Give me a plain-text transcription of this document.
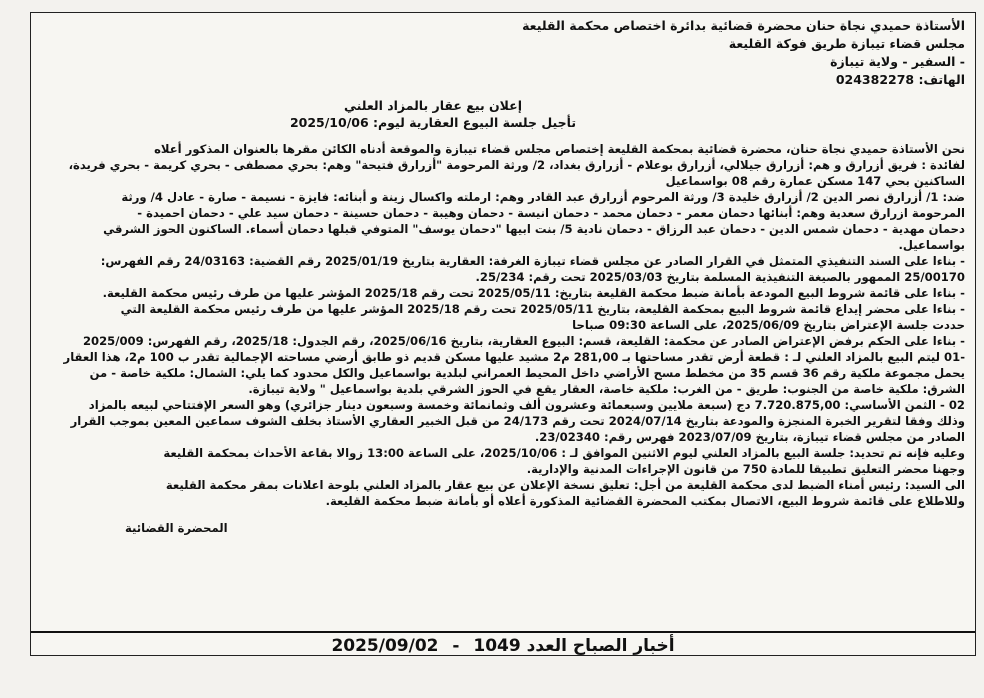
الأستاذة حميدي نجاة حنان محضرة قضائية بدائرة اختصاص محكمة القليعة
مجلس قضاء تيبازة طريق فوكة القليعة
- السفير - ولاية تيبازة
الهاتف: 024382278
إعلان بيع عقار بالمزاد العلني
تأجيل جلسة البيوع العقارية ليوم: 2025/10/06
نحن الأستاذة حميدي نجاة حنان، محضرة قضائية بمحكمة القليعة إختصاص مجلس قضاء تيبازة والموقعة أدناه الكائن مقرها بالعنوان المذكور أعلاه
لفائدة : فريق أزرارق و هم: أزرارق جيلالي، أزرارق بوعلام - أزرارق بغداد، 2/ ورثة المرحومة "أزرارق فتيحة" وهم: بحري مصطفى - بحري كريمة - بحري فريدة،
الساكنين بحي 147 مسكن عمارة رقم 08 بواسماعيل
ضد: 1/ أزرارق نصر الدين 2/ أزرارق خليدة 3/ ورثة المرحوم أزرارق عبد القادر وهم: ارملته واكسال زينة و أبنائه: فايزة - نسيمة - صارة - عادل 4/ ورثة
المرحومة ازرارق سعدية وهم: أبنائها دحمان معمر - دحمان محمد - دحمان انيسة - دحمان وهيبة - دحمان حسينة - دحمان سيد علي - دحمان احميدة -
دحمان مهدية - دحمان شمس الدين - دحمان عبد الرزاق - دحمان نادية 5/ بنت ابيها "دحمان يوسف" المتوفي قبلها دحمان أسماء. الساكنون الحوز الشرقي
بواسماعيل.
- بناءا على السند التنفيذي المتمثل في القرار الصادر عن مجلس قضاء تيبازة الغرفة: العقارية بتاريخ 2025/01/19 رقم القضية: 24/03163 رقم الفهرس:
25/00170 الممهور بالصيغة التنفيذية المسلمة بتاريخ 2025/03/03 تحت رقم: 25/234.
- بناءا على قائمة شروط البيع المودعة بأمانة ضبط محكمة القليعة بتاريخ: 2025/05/11 تحت رقم 2025/18 المؤشر عليها من طرف رئيس محكمة القليعة.
- بناءا على محضر إيداع قائمة شروط البيع بمحكمة القليعة، بتاريخ 2025/05/11 تحت رقم 2025/18 المؤشر عليها من طرف رئيس محكمة القليعة التي
حددت جلسة الإعتراض بتاريخ 2025/06/09، على الساعة 09:30 صباحا
- بناءا على الحكم برفض الإعتراض الصادر عن محكمة: القليعة، قسم: البيوع العقارية، بتاريخ 2025/06/16، رقم الجدول: 2025/18، رقم الفهرس: 2025/009
-01 ليتم البيع بالمزاد العلني لـ : قطعة أرض تقدر مساحتها بـ 281,00 م2 مشيد عليها مسكن قديم ذو طابق أرضي مساحته الإجمالية تقدر ب 100 م2، هذا العقار
يحمل مجموعة ملكية رقم 36 قسم 35 من مخطط مسح الأراضي داخل المحيط العمراني لبلدية بواسماعيل والكل محدود كما يلي: الشمال: ملكية خاصة - من
الشرق: ملكية خاصة من الجنوب: طريق - من الغرب: ملكية خاصة، العقار يقع في الحوز الشرقي بلدية بواسماعيل " ولاية تيبازة.
02 - الثمن الأساسي: 7.720.875,00 دج (سبعة ملايين وسبعمائة وعشرون ألف وثمانمائة وخمسة وسبعون دينار جزائري) وهو السعر الإفتتاحي لبيعه بالمزاد
وذلك وفقا لتقرير الخبرة المنجزة والمودعة بتاريخ 2024/07/14 تحت رقم 24/173 من قبل الخبير العقاري الأستاذ بخلف الشوف سماعين المعين بموجب القرار
الصادر من مجلس قضاء تيبازة، بتاريخ 2023/07/09 فهرس رقم: 23/02340.
وعليه فإنه تم تحديد: جلسة البيع بالمزاد العلني ليوم الاثنين الموافق لـ : 2025/10/06، على الساعة 13:00 زوالا بقاعة الأحداث بمحكمة القليعة
وجهنا محضر التعليق تطبيقا للمادة 750 من قانون الإجراءات المدنية والإدارية.
الى السيد: رئيس أمناء الضبط لدى محكمة القليعة من أجل: تعليق نسخة الإعلان عن بيع عقار بالمزاد العلني بلوحة اعلانات بمقر محكمة القليعة
وللاطلاع على قائمة شروط البيع، الاتصال بمكتب المحضرة القضائية المذكورة أعلاه أو بأمانة ضبط محكمة القليعة.
المحضرة القضائية
أخبار الصباح العدد 1049 - 2025/09/02
